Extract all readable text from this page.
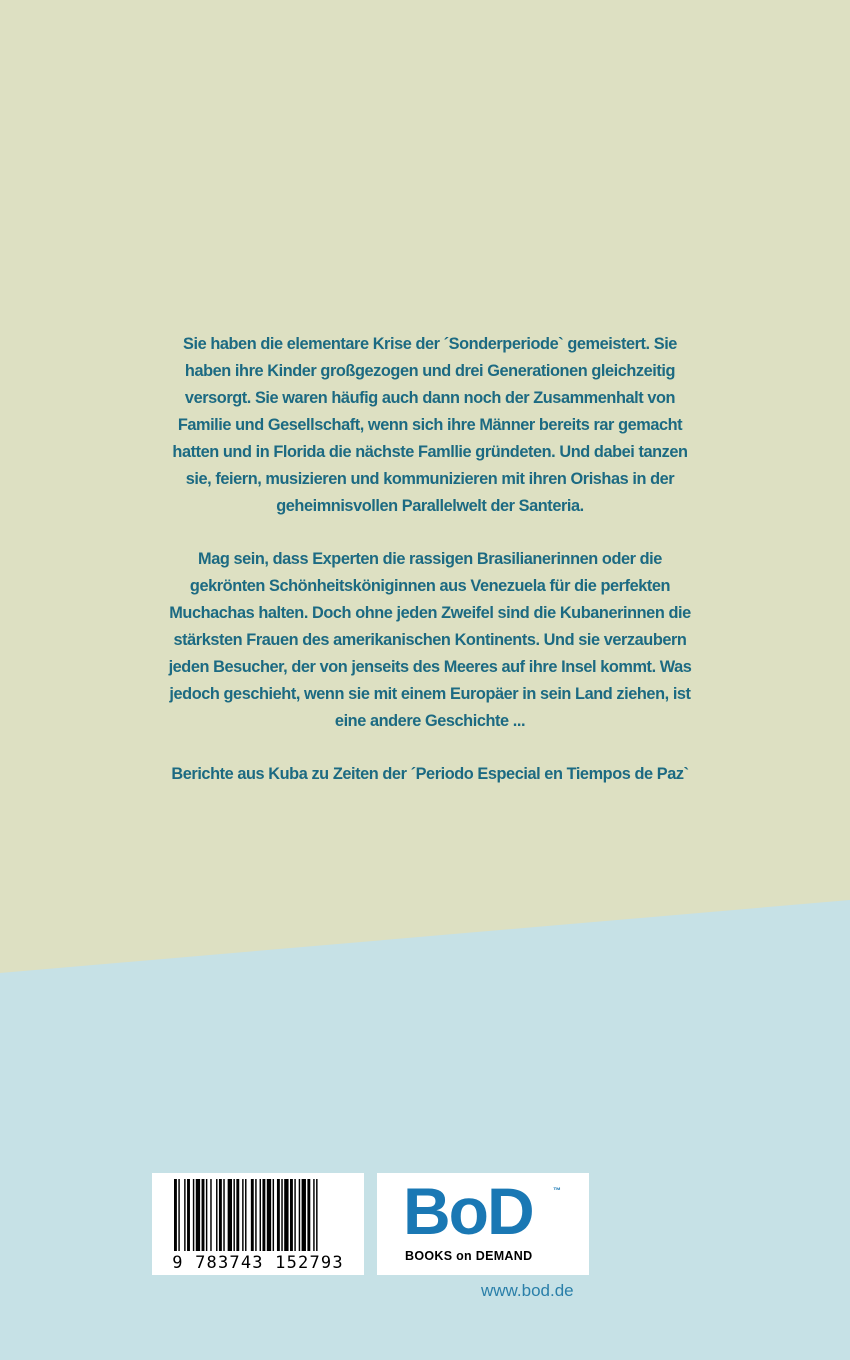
Sie haben die elementare Krise der ´Sonderperiode` gemeistert. Sie haben ihre Kinder großgezogen und drei Generationen gleichzeitig versorgt. Sie waren häufig auch dann noch der Zusammenhalt von Familie und Gesellschaft, wenn sich ihre Männer bereits rar gemacht hatten und in Florida die nächste Famllie gründeten. Und dabei tanzen sie, feiern, musizieren und kommunizieren mit ihren Orishas in der geheimnisvollen Parallelwelt der Santeria.

Mag sein, dass Experten die rassigen Brasilianerinnen oder die gekrönten Schönheitsköniginnen aus Venezuela für die perfekten Muchachas halten. Doch ohne jeden Zweifel sind die Kubanerinnen die stärksten Frauen des amerikanischen Kontinents. Und sie verzaubern jeden Besucher, der von jenseits des Meeres auf ihre Insel kommt. Was jedoch geschieht, wenn sie mit einem Europäer in sein Land ziehen, ist eine andere Geschichte ...

Berichte aus Kuba zu Zeiten der ´Periodo Especial en Tiempos de Paz`

9 783743 152793
BoD	™
BOOKS on DEMAND
www.bod.de
